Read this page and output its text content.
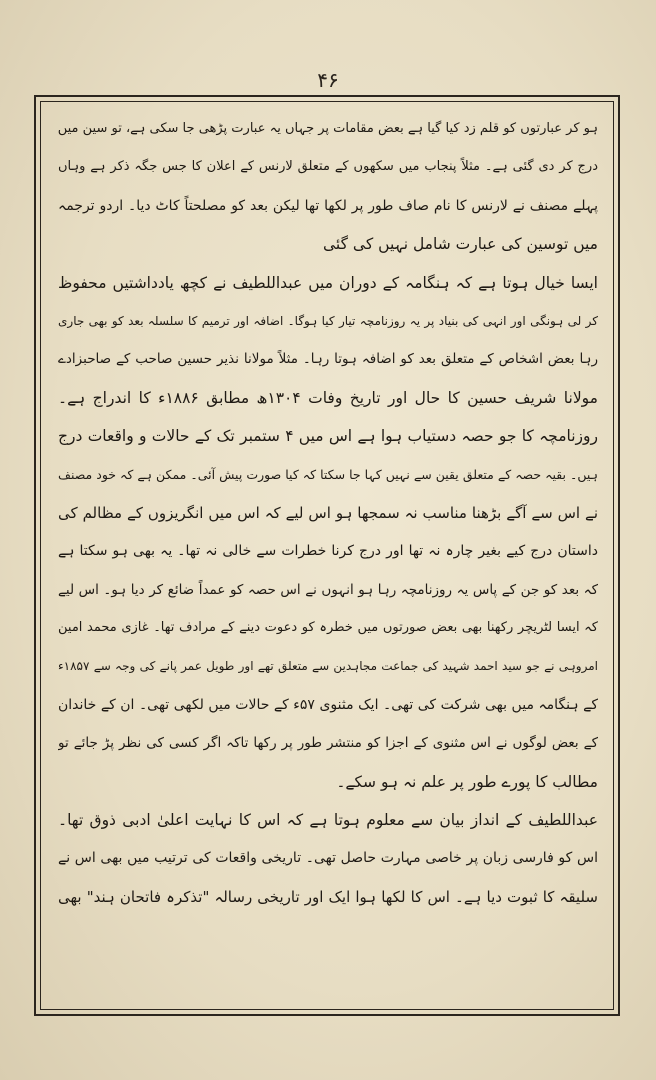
۴۶
ہو کر عبارتوں کو قلم زد کیا گیا ہے بعض مقامات پر جہاں یہ عبارت پڑھی جا سکی ہے، تو سین میں
درج کر دی گئی ہے۔ مثلاً پنجاب میں سکھوں کے متعلق لارنس کے اعلان کا جس جگہ ذکر ہے وہاں
پہلے مصنف نے لارنس کا نام صاف طور پر لکھا تھا لیکن بعد کو مصلحتاً کاٹ دیا۔ اردو ترجمہ
میں توسین کی عبارت شامل نہیں کی گئی
ایسا خیال ہوتا ہے کہ ہنگامہ کے دوران میں عبداللطیف نے کچھ یادداشتیں محفوظ
کر لی ہونگی اور انہی کی بنیاد پر یہ روزنامچہ تیار کیا ہوگا۔ اضافہ اور ترمیم کا سلسلہ بعد کو بھی جاری
رہا بعض اشخاص کے متعلق بعد کو اضافہ ہوتا رہا۔ مثلاً مولانا نذیر حسین صاحب کے صاحبزادے
مولانا شریف حسین کا حال اور تاریخ وفات ۱۳۰۴ھ مطابق ۱۸۸۶ء کا اندراج ہے۔
روزنامچہ کا جو حصہ دستیاب ہوا ہے اس میں ۴ ستمبر تک کے حالات و واقعات درج
ہیں۔ بقیہ حصہ کے متعلق یقین سے نہیں کہا جا سکتا کہ کیا صورت پیش آئی۔ ممکن ہے کہ خود مصنف
نے اس سے آگے بڑھنا مناسب نہ سمجھا ہو اس لیے کہ اس میں انگریزوں کے مظالم کی
داستان درج کیے بغیر چارہ نہ تھا اور درج کرنا خطرات سے خالی نہ تھا۔ یہ بھی ہو سکتا ہے
کہ بعد کو جن کے پاس یہ روزنامچہ رہا ہو انہوں نے اس حصہ کو عمداً ضائع کر دیا ہو۔ اس لیے
کہ ایسا لٹریچر رکھنا بھی بعض صورتوں میں خطرہ کو دعوت دینے کے مرادف تھا۔ غازی محمد امین
امروہی نے جو سید احمد شہید کی جماعت مجاہدین سے متعلق تھے اور طویل عمر پانے کی وجہ سے ۱۸۵۷ء
کے ہنگامہ میں بھی شرکت کی تھی۔ ایک مثنوی ۵۷ء کے حالات میں لکھی تھی۔ ان کے خاندان
کے بعض لوگوں نے اس مثنوی کے اجزا کو منتشر طور پر رکھا تاکہ اگر کسی کی نظر پڑ جائے تو
مطالب کا پورے طور پر علم نہ ہو سکے۔
عبداللطیف کے انداز بیان سے معلوم ہوتا ہے کہ اس کا نہایت اعلیٰ ادبی ذوق تھا۔
اس کو فارسی زبان پر خاصی مہارت حاصل تھی۔ تاریخی واقعات کی ترتیب میں بھی اس نے
سلیقہ کا ثبوت دیا ہے۔ اس کا لکھا ہوا ایک اور تاریخی رسالہ "تذکرہ فاتحان ہند" بھی
